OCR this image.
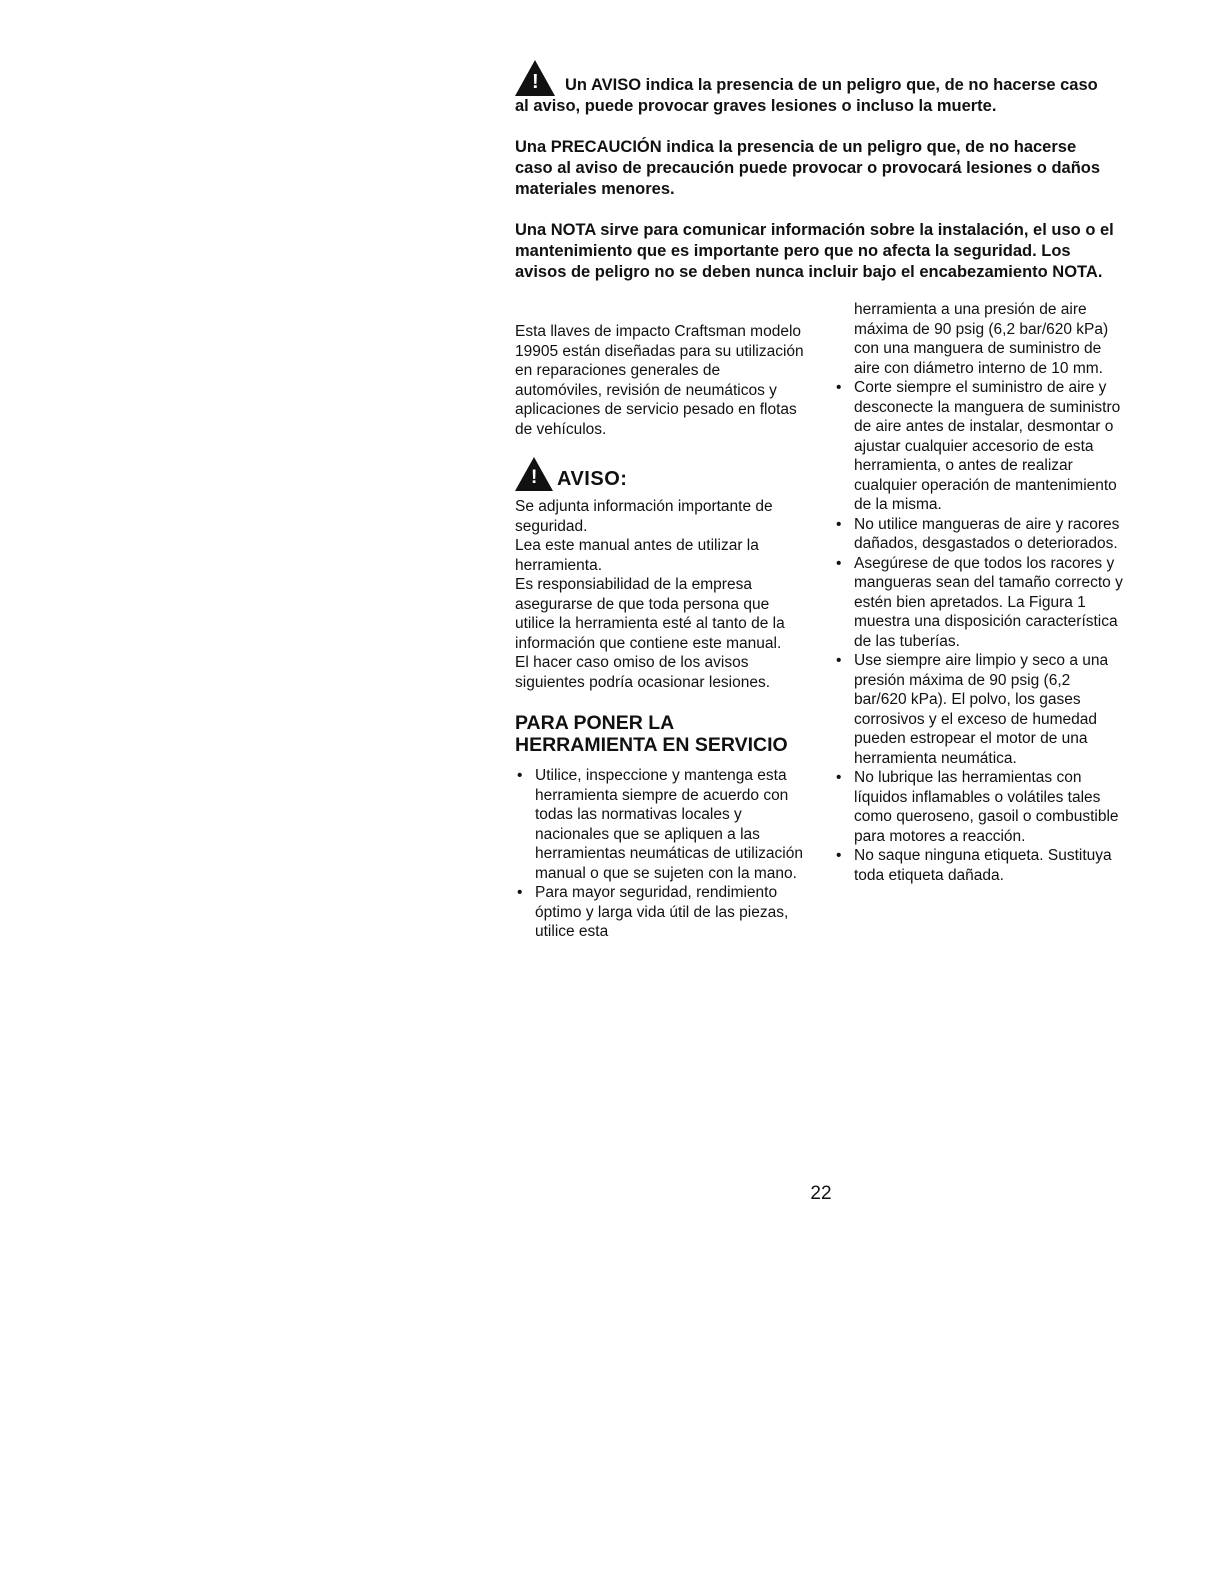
! Un AVISO indica la presencia de un peligro que, de no hacerse caso al aviso, puede provocar graves lesiones o incluso la muerte.

Una PRECAUCIÓN indica la presencia de un peligro que, de no hacerse caso al aviso de precaución puede provocar o provocará lesiones o daños materiales menores.

Una NOTA sirve para comunicar información sobre la instalación, el uso o el mantenimiento que es importante pero que no afecta la seguridad. Los avisos de peligro no se deben nunca incluir bajo el encabezamiento NOTA.

Esta llaves de impacto Craftsman modelo 19905 están diseñadas para su utilización en reparaciones generales de automóviles, revisión de neumáticos y aplicaciones de servicio pesado en flotas de vehículos.

! AVISO:

Se adjunta información importante de seguridad.

Lea este manual antes de utilizar la herramienta.

Es responsiabilidad de la empresa asegurarse de que toda persona que utilice la herramienta esté al tanto de la información que contiene este manual.

El hacer caso omiso de los avisos siguientes podría ocasionar lesiones.

PARA PONER LA HERRAMIENTA EN SERVICIO
• Utilice, inspeccione y mantenga esta herramienta siempre de acuerdo con todas las normativas locales y nacionales que se apliquen a las herramientas neumáticas de utilización manual o que se sujeten con la mano.
• Para mayor seguridad, rendimiento óptimo y larga vida útil de las piezas, utilice esta

herramienta a una presión de aire máxima de 90 psig (6,2 bar/620 kPa) con una manguera de suministro de aire con diámetro interno de 10 mm.

• Corte siempre el suministro de aire y desconecte la manguera de suministro de aire antes de instalar, desmontar o ajustar cualquier accesorio de esta herramienta, o antes de realizar cualquier operación de mantenimiento de la misma.
• No utilice mangueras de aire y racores dañados, desgastados o deteriorados.
• Asegúrese de que todos los racores y mangueras sean del tamaño correcto y estén bien apretados. La Figura 1 muestra una disposición característica de las tuberías.
• Use siempre aire limpio y seco a una presión máxima de 90 psig (6,2 bar/620 kPa). El polvo, los gases corrosivos y el exceso de humedad pueden estropear el motor de una herramienta neumática.
• No lubrique las herramientas con líquidos inflamables o volátiles tales como queroseno, gasoil o combustible para motores a reacción.
• No saque ninguna etiqueta. Sustituya toda etiqueta dañada.
22
